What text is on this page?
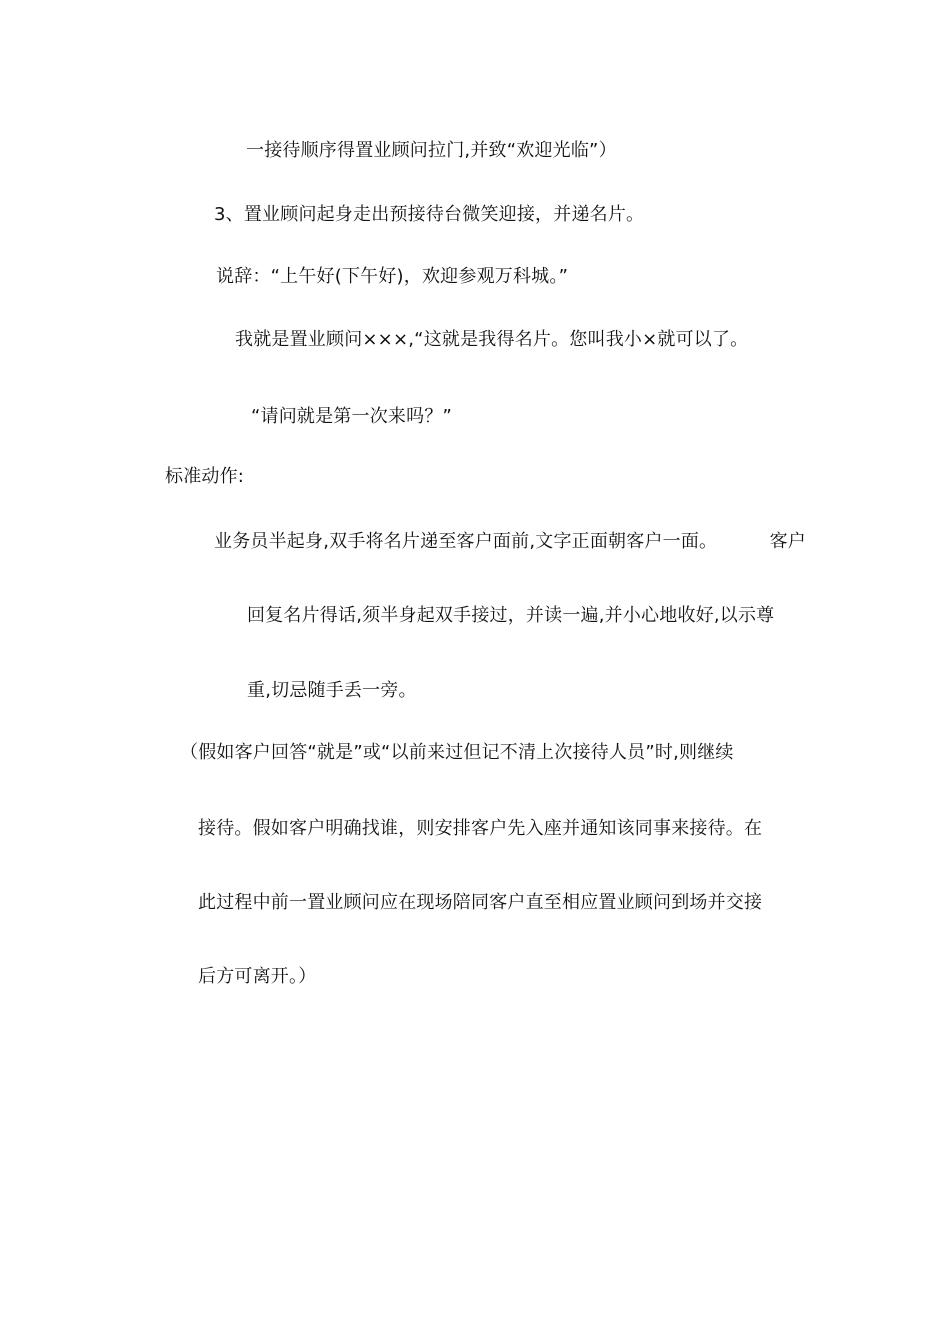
一接待顺序得置业顾问拉门,并致“欢迎光临”）
3、置业顾问起身走出预接待台微笑迎接，并递名片。
说辞：“上午好(下午好)，欢迎参观万科城。”
我就是置业顾问×××,“这就是我得名片。您叫我小×就可以了。
“请问就是第一次来吗？”
标准动作:
业务员半起身,双手将名片递至客户面前,文字正面朝客户一面。	客户
回复名片得话,须半身起双手接过，并读一遍,并小心地收好,以示尊
重,切忌随手丢一旁。
（假如客户回答“就是”或“以前来过但记不清上次接待人员”时,则继续
接待。假如客户明确找谁，则安排客户先入座并通知该同事来接待。在
此过程中前一置业顾问应在现场陪同客户直至相应置业顾问到场并交接
后方可离开。）
